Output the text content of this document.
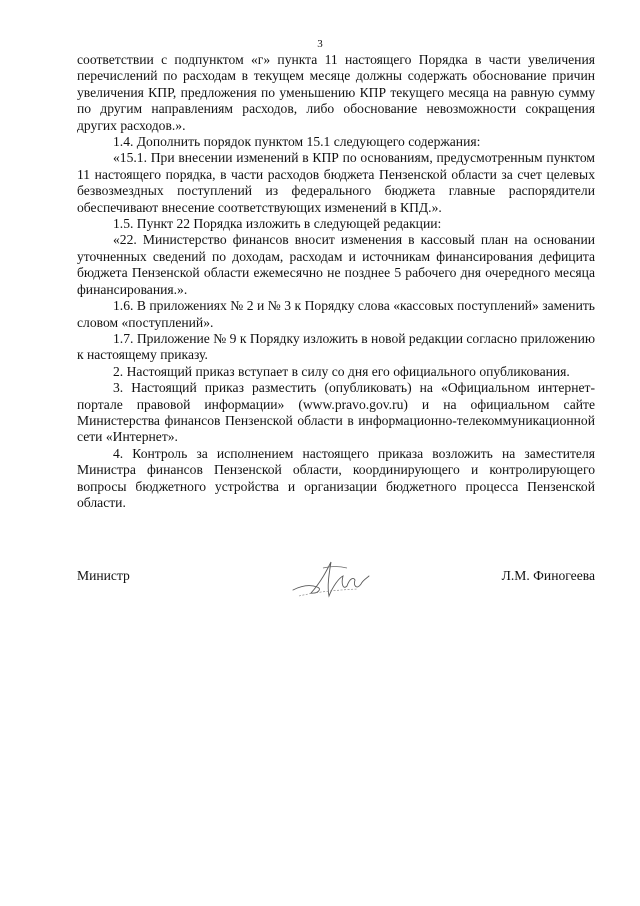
3

соответствии с подпунктом «г» пункта 11 настоящего Порядка в части увеличения перечислений по расходам в текущем месяце должны содержать обоснование причин увеличения КПР, предложения по уменьшению КПР текущего месяца на равную сумму по другим направлениям расходов, либо обоснование невозможности сокращения других расходов.».

1.4. Дополнить порядок пунктом 15.1 следующего содержания:

«15.1. При внесении изменений в КПР по основаниям, предусмотренным пунктом 11 настоящего порядка, в части расходов бюджета Пензенской области за счет целевых безвозмездных поступлений из федерального бюджета главные распорядители обеспечивают внесение соответствующих изменений в КПД.».

1.5. Пункт 22 Порядка изложить в следующей редакции:

«22. Министерство финансов вносит изменения в кассовый план на основании уточненных сведений по доходам, расходам и источникам финансирования дефицита бюджета Пензенской области ежемесячно не позднее 5 рабочего дня очередного месяца финансирования.».

1.6. В приложениях № 2 и № 3 к Порядку слова «кассовых поступлений» заменить словом «поступлений».

1.7. Приложение № 9 к Порядку изложить в новой редакции согласно приложению к настоящему приказу.

2. Настоящий приказ вступает в силу со дня его официального опубликования.

3. Настоящий приказ разместить (опубликовать) на «Официальном интернет-портале правовой информации» (www.pravo.gov.ru) и на официальном сайте Министерства финансов Пензенской области в информационно-телекоммуникационной сети «Интернет».

4. Контроль за исполнением настоящего приказа возложить на заместителя Министра финансов Пензенской области, координирующего и контролирующего вопросы бюджетного устройства и организации бюджетного процесса Пензенской области.

Министр	Л.М. Финогеева
